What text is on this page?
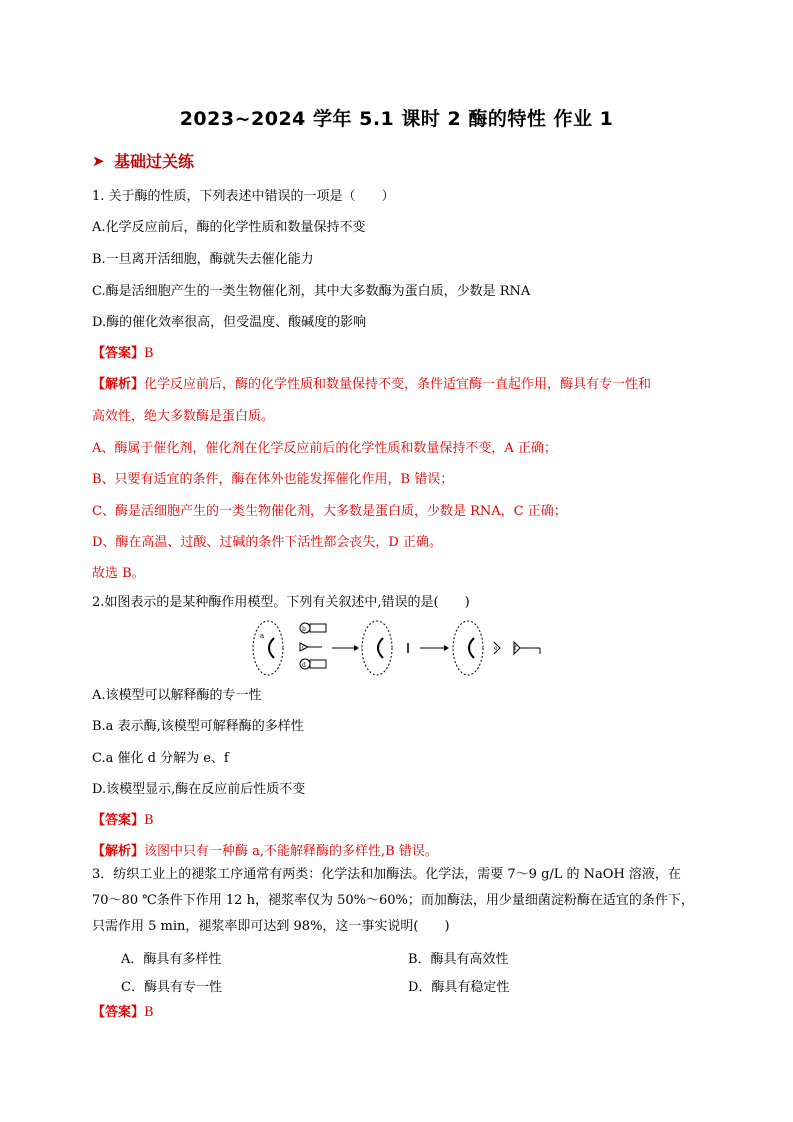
2023~2024 学年 5.1 课时 2 酶的特性 作业 1
➤ 基础过关练
1. 关于酶的性质，下列表述中错误的一项是（　　）
A.化学反应前后，酶的化学性质和数量保持不变
B.一旦离开活细胞，酶就失去催化能力
C.酶是活细胞产生的一类生物催化剂，其中大多数酶为蛋白质，少数是 RNA
D.酶的催化效率很高，但受温度、酸碱度的影响
【答案】B
【解析】化学反应前后，酶的化学性质和数量保持不变，条件适宜酶一直起作用，酶具有专一性和
高效性，绝大多数酶是蛋白质。
A、酶属于催化剂，催化剂在化学反应前后的化学性质和数量保持不变，A 正确；
B、只要有适宜的条件，酶在体外也能发挥催化作用，B 错误；
C、酶是活细胞产生的一类生物催化剂，大多数是蛋白质，少数是 RNA，C 正确；
D、酶在高温、过酸、过碱的条件下活性都会丧失，D 正确。
故选 B。
2.如图表示的是某种酶作用模型。下列有关叙述中,错误的是(　　)
a
b
c
d
e	f
A.该模型可以解释酶的专一性
B.a 表示酶,该模型可解释酶的多样性
C.a 催化 d 分解为 e、f
D.该模型显示,酶在反应前后性质不变
【答案】B
【解析】该图中只有一种酶 a,不能解释酶的多样性,B 错误。
3．纺织工业上的褪浆工序通常有两类：化学法和加酶法。化学法，需要 7～9 g/L 的 NaOH 溶液，在
70～80 ℃条件下作用 12 h，褪浆率仅为 50%～60%；而加酶法，用少量细菌淀粉酶在适宜的条件下，
只需作用 5 min，褪浆率即可达到 98%，这一事实说明(　　)
A．酶具有多样性	B．酶具有高效性
C．酶具有专一性	D．酶具有稳定性
【答案】B
